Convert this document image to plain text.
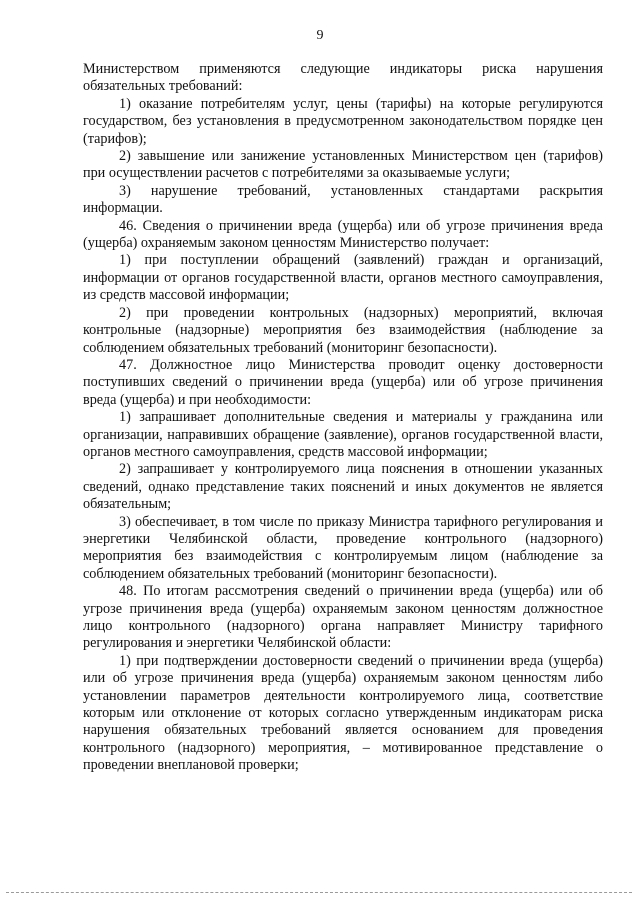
9

Министерством применяются следующие индикаторы риска нарушения обязательных требований:

1) оказание потребителям услуг, цены (тарифы) на которые регулируются государством, без установления в предусмотренном законодательством порядке цен (тарифов);

2) завышение или занижение установленных Министерством цен (тарифов) при осуществлении расчетов с потребителями за оказываемые услуги;

3) нарушение требований, установленных стандартами раскрытия информации.

46. Сведения о причинении вреда (ущерба) или об угрозе причинения вреда (ущерба) охраняемым законом ценностям Министерство получает:

1) при поступлении обращений (заявлений) граждан и организаций, информации от органов государственной власти, органов местного самоуправления, из средств массовой информации;

2) при проведении контрольных (надзорных) мероприятий, включая контрольные (надзорные) мероприятия без взаимодействия (наблюдение за соблюдением обязательных требований (мониторинг безопасности).

47. Должностное лицо Министерства проводит оценку достоверности поступивших сведений о причинении вреда (ущерба) или об угрозе причинения вреда (ущерба) и при необходимости:

1) запрашивает дополнительные сведения и материалы у гражданина или организации, направивших обращение (заявление), органов государственной власти, органов местного самоуправления, средств массовой информации;

2) запрашивает у контролируемого лица пояснения в отношении указанных сведений, однако представление таких пояснений и иных документов не является обязательным;

3) обеспечивает, в том числе по приказу Министра тарифного регулирования и энергетики Челябинской области, проведение контрольного (надзорного) мероприятия без взаимодействия с контролируемым лицом (наблюдение за соблюдением обязательных требований (мониторинг безопасности).

48. По итогам рассмотрения сведений о причинении вреда (ущерба) или об угрозе причинения вреда (ущерба) охраняемым законом ценностям должностное лицо контрольного (надзорного) органа направляет Министру тарифного регулирования и энергетики Челябинской области:

1) при подтверждении достоверности сведений о причинении вреда (ущерба) или об угрозе причинения вреда (ущерба) охраняемым законом ценностям либо установлении параметров деятельности контролируемого лица, соответствие которым или отклонение от которых согласно утвержденным индикаторам риска нарушения обязательных требований является основанием для проведения контрольного (надзорного) мероприятия, – мотивированное представление о проведении внеплановой проверки;
